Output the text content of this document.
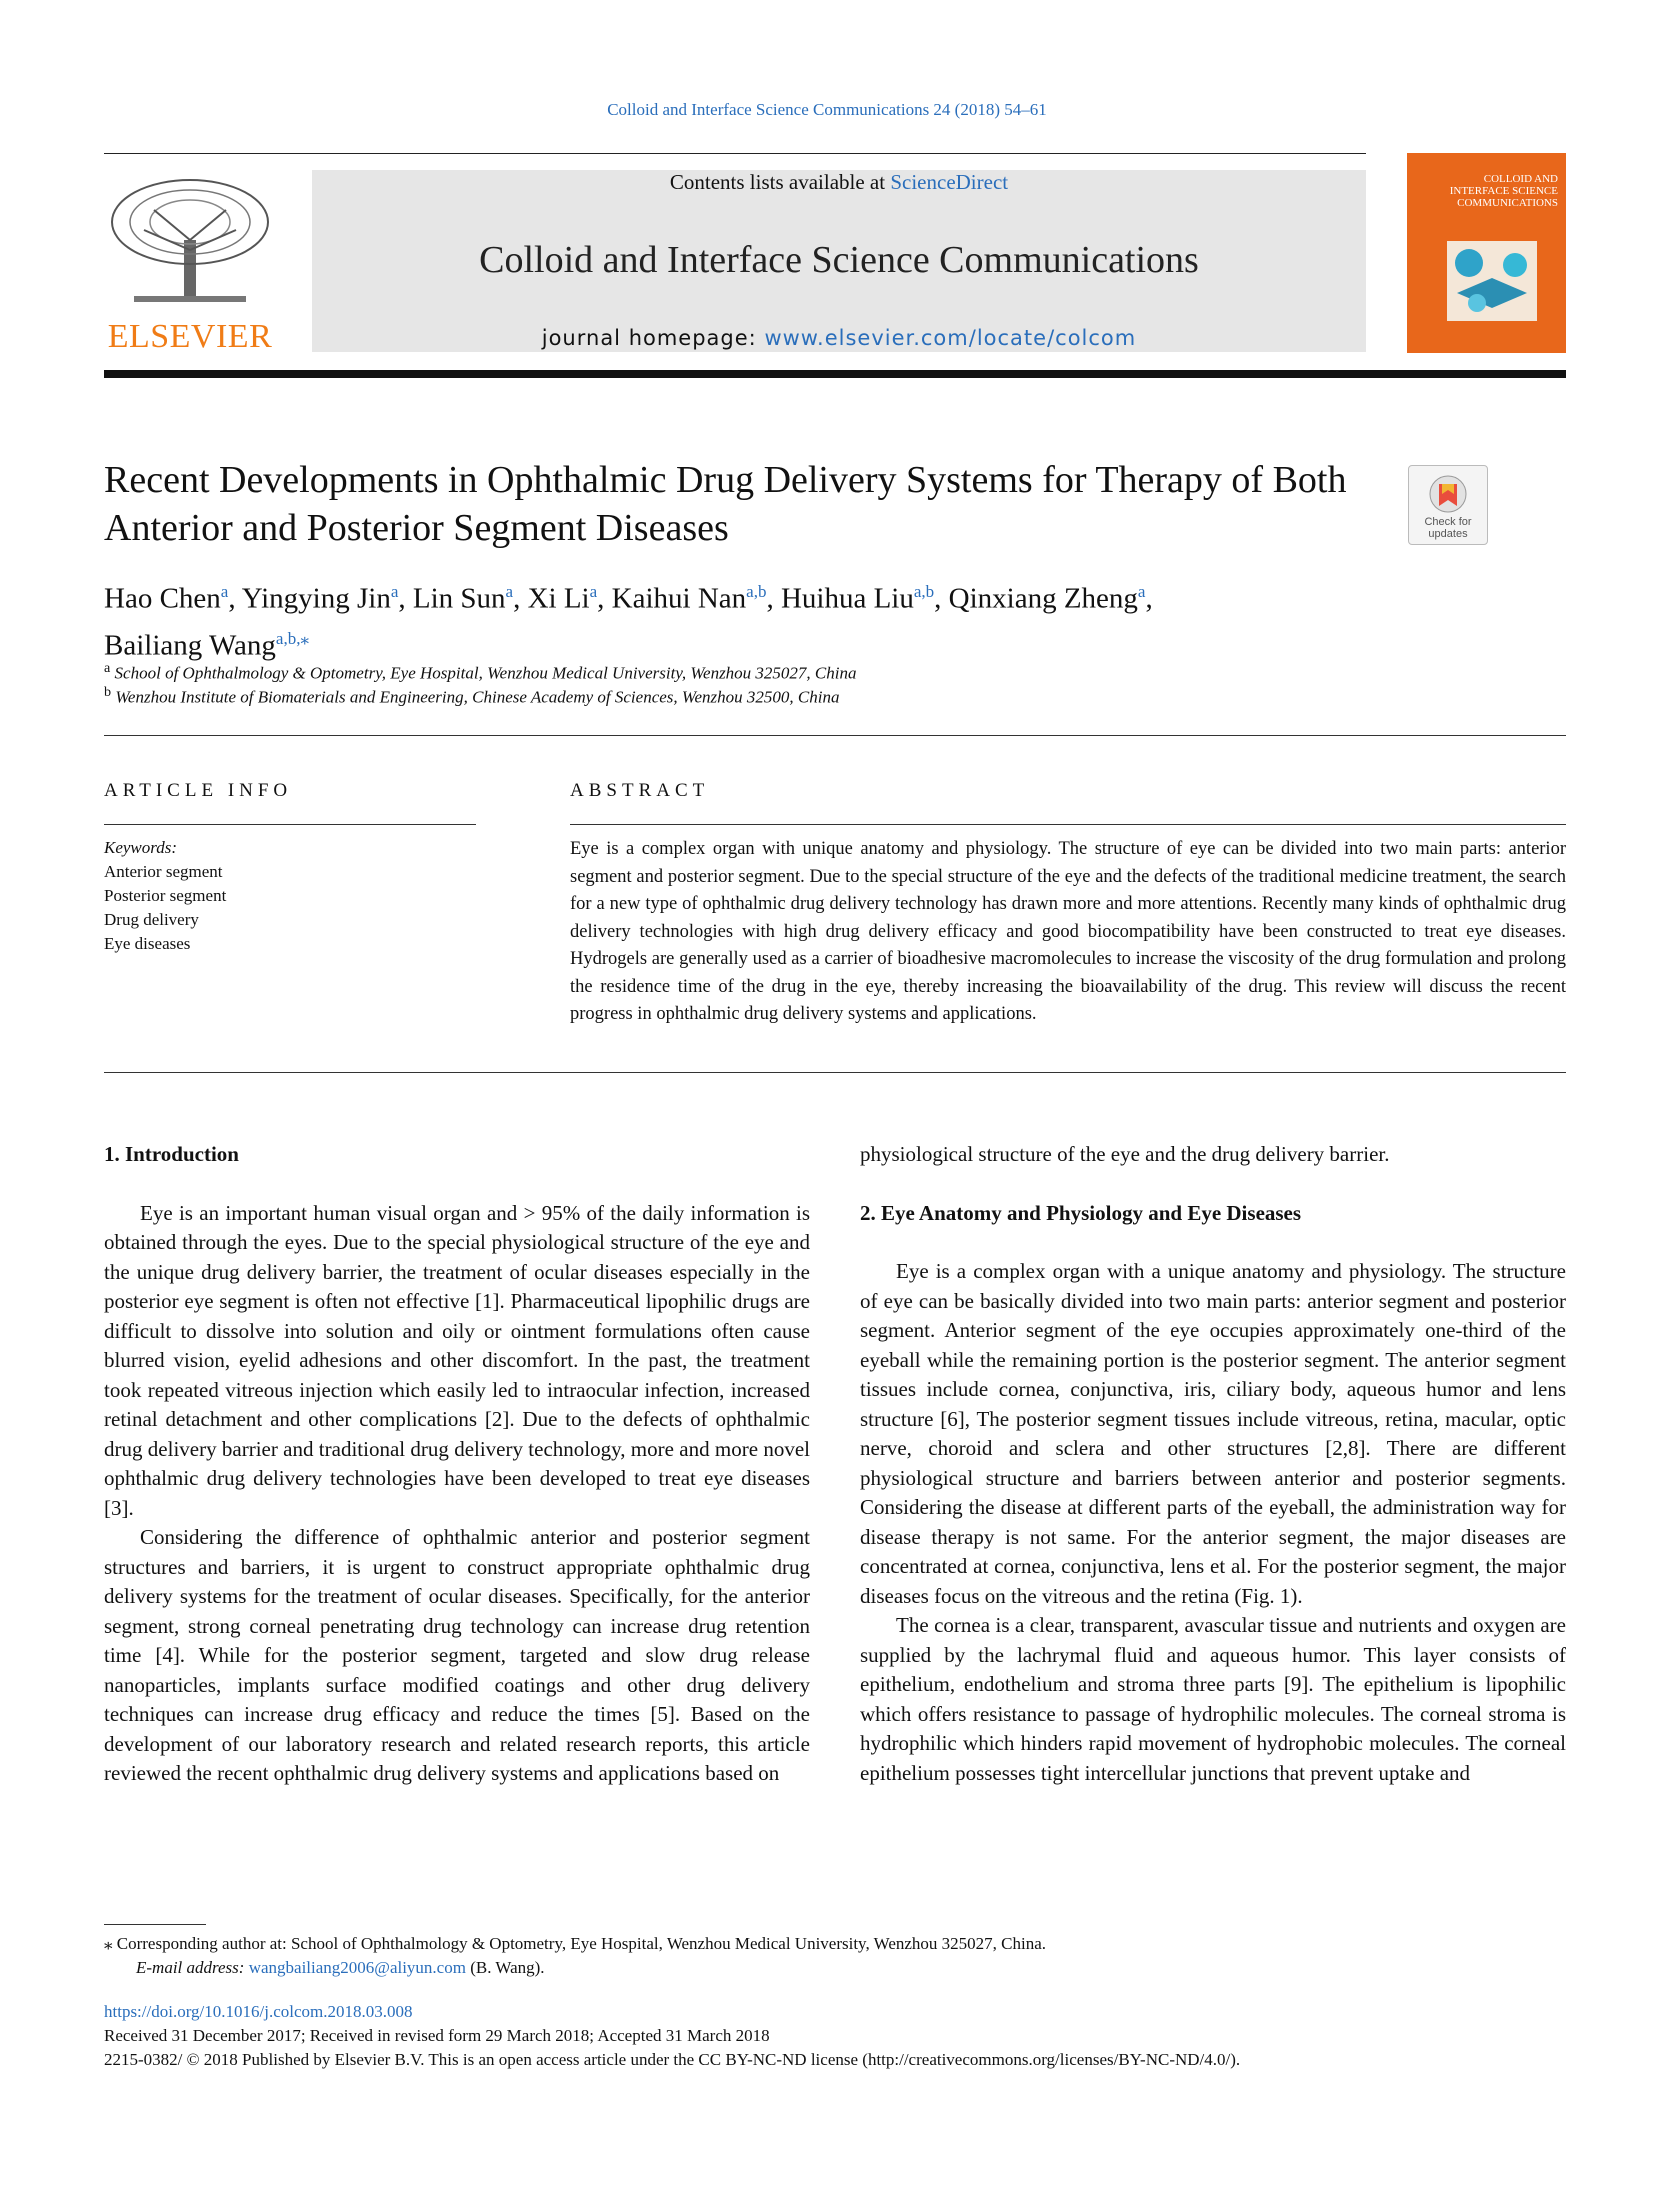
Colloid and Interface Science Communications 24 (2018) 54–61
ELSEVIER
Contents lists available at ScienceDirect
Colloid and Interface Science Communications
journal homepage: www.elsevier.com/locate/colcom
COLLOID AND INTERFACE SCIENCE COMMUNICATIONS
Recent Developments in Ophthalmic Drug Delivery Systems for Therapy of Both Anterior and Posterior Segment Diseases	Check for updates
Hao Chen$^a$, Yingying Jin$^a$, Lin Sun$^a$, Xi Li$^a$, Kaihui Nan$^{a,b}$, Huihua Liu$^{a,b}$, Qinxiang Zheng$^a$,
Bailiang Wang$^{a,b,⁎}$
$^a$ School of Ophthalmology & Optometry, Eye Hospital, Wenzhou Medical University, Wenzhou 325027, China
$^b$ Wenzhou Institute of Biomaterials and Engineering, Chinese Academy of Sciences, Wenzhou 32500, China
ARTICLE INFO
Keywords:
Anterior segment
Posterior segment
Drug delivery
Eye diseases
ABSTRACT
Eye is a complex organ with unique anatomy and physiology. The structure of eye can be divided into two main parts: anterior segment and posterior segment. Due to the special structure of the eye and the defects of the traditional medicine treatment, the search for a new type of ophthalmic drug delivery technology has drawn more and more attentions. Recently many kinds of ophthalmic drug delivery technologies with high drug delivery efficacy and good biocompatibility have been constructed to treat eye diseases. Hydrogels are generally used as a carrier of bioadhesive macromolecules to increase the viscosity of the drug formulation and prolong the residence time of the drug in the eye, thereby increasing the bioavailability of the drug. This review will discuss the recent progress in ophthalmic drug delivery systems and applications.
1. Introduction

Eye is an important human visual organ and > 95% of the daily information is obtained through the eyes. Due to the special physiological structure of the eye and the unique drug delivery barrier, the treatment of ocular diseases especially in the posterior eye segment is often not effective [1]. Pharmaceutical lipophilic drugs are difficult to dissolve into solution and oily or ointment formulations often cause blurred vision, eyelid adhesions and other discomfort. In the past, the treatment took repeated vitreous injection which easily led to intraocular infection, increased retinal detachment and other complications [2]. Due to the defects of ophthalmic drug delivery barrier and traditional drug delivery technology, more and more novel ophthalmic drug delivery technologies have been developed to treat eye diseases [3].

Considering the difference of ophthalmic anterior and posterior segment structures and barriers, it is urgent to construct appropriate ophthalmic drug delivery systems for the treatment of ocular diseases. Specifically, for the anterior segment, strong corneal penetrating drug technology can increase drug retention time [4]. While for the posterior segment, targeted and slow drug release nanoparticles, implants surface modified coatings and other drug delivery techniques can increase drug efficacy and reduce the times [5]. Based on the development of our laboratory research and related research reports, this article reviewed the recent ophthalmic drug delivery systems and applications based on

physiological structure of the eye and the drug delivery barrier.
2. Eye Anatomy and Physiology and Eye Diseases

Eye is a complex organ with a unique anatomy and physiology. The structure of eye can be basically divided into two main parts: anterior segment and posterior segment. Anterior segment of the eye occupies approximately one-third of the eyeball while the remaining portion is the posterior segment. The anterior segment tissues include cornea, conjunctiva, iris, ciliary body, aqueous humor and lens structure [6], The posterior segment tissues include vitreous, retina, macular, optic nerve, choroid and sclera and other structures [2,8]. There are different physiological structure and barriers between anterior and posterior segments. Considering the disease at different parts of the eyeball, the administration way for disease therapy is not same. For the anterior segment, the major diseases are concentrated at cornea, conjunctiva, lens et al. For the posterior segment, the major diseases focus on the vitreous and the retina (Fig. 1).

The cornea is a clear, transparent, avascular tissue and nutrients and oxygen are supplied by the lachrymal fluid and aqueous humor. This layer consists of epithelium, endothelium and stroma three parts [9]. The epithelium is lipophilic which offers resistance to passage of hydrophilic molecules. The corneal stroma is hydrophilic which hinders rapid movement of hydrophobic molecules. The corneal epithelium possesses tight intercellular junctions that prevent uptake and

⁎ Corresponding author at: School of Ophthalmology & Optometry, Eye Hospital, Wenzhou Medical University, Wenzhou 325027, China.
E-mail address: wangbailiang2006@aliyun.com (B. Wang).
https://doi.org/10.1016/j.colcom.2018.03.008
Received 31 December 2017; Received in revised form 29 March 2018; Accepted 31 March 2018
2215-0382/ © 2018 Published by Elsevier B.V. This is an open access article under the CC BY-NC-ND license (http://creativecommons.org/licenses/BY-NC-ND/4.0/).
